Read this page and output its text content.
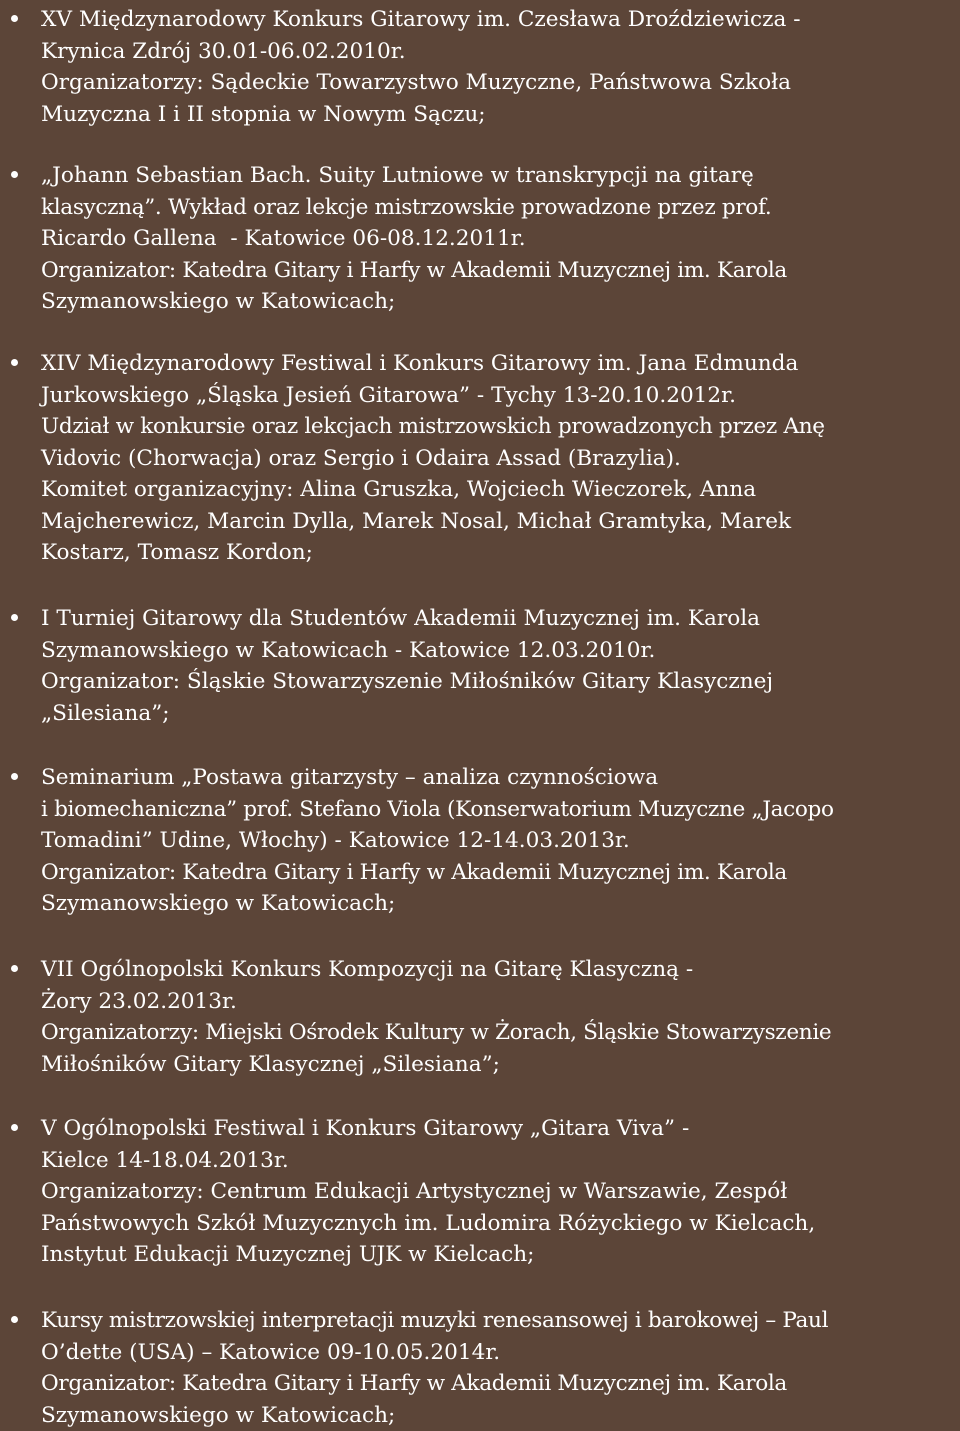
XV Międzynarodowy Konkurs Gitarowy im. Czesława Droździewicza -
Krynica Zdrój 30.01-06.02.2010r.
Organizatorzy: Sądeckie Towarzystwo Muzyczne, Państwowa Szkoła
Muzyczna I i II stopnia w Nowym Sączu;
„Johann Sebastian Bach. Suity Lutniowe w transkrypcji na gitarę
klasyczną”. Wykład oraz lekcje mistrzowskie prowadzone przez prof.
Ricardo Gallena  - Katowice 06-08.12.2011r.
Organizator: Katedra Gitary i Harfy w Akademii Muzycznej im. Karola
Szymanowskiego w Katowicach;
XIV Międzynarodowy Festiwal i Konkurs Gitarowy im. Jana Edmunda
Jurkowskiego „Śląska Jesień Gitarowa” - Tychy 13-20.10.2012r.
Udział w konkursie oraz lekcjach mistrzowskich prowadzonych przez Anę
Vidovic (Chorwacja) oraz Sergio i Odaira Assad (Brazylia).
Komitet organizacyjny: Alina Gruszka, Wojciech Wieczorek, Anna
Majcherewicz, Marcin Dylla, Marek Nosal, Michał Gramtyka, Marek
Kostarz, Tomasz Kordon;
I Turniej Gitarowy dla Studentów Akademii Muzycznej im. Karola
Szymanowskiego w Katowicach - Katowice 12.03.2010r.
Organizator: Śląskie Stowarzyszenie Miłośników Gitary Klasycznej
„Silesiana”;
Seminarium „Postawa gitarzysty – analiza czynnościowa
i biomechaniczna” prof. Stefano Viola (Konserwatorium Muzyczne „Jacopo
Tomadini” Udine, Włochy) - Katowice 12-14.03.2013r.
Organizator: Katedra Gitary i Harfy w Akademii Muzycznej im. Karola
Szymanowskiego w Katowicach;
VII Ogólnopolski Konkurs Kompozycji na Gitarę Klasyczną -
Żory 23.02.2013r.
Organizatorzy: Miejski Ośrodek Kultury w Żorach, Śląskie Stowarzyszenie
Miłośników Gitary Klasycznej „Silesiana”;
V Ogólnopolski Festiwal i Konkurs Gitarowy „Gitara Viva” -
Kielce 14-18.04.2013r.
Organizatorzy: Centrum Edukacji Artystycznej w Warszawie, Zespół
Państwowych Szkół Muzycznych im. Ludomira Różyckiego w Kielcach,
Instytut Edukacji Muzycznej UJK w Kielcach;
Kursy mistrzowskiej interpretacji muzyki renesansowej i barokowej – Paul
O’dette (USA) – Katowice 09-10.05.2014r.
Organizator: Katedra Gitary i Harfy w Akademii Muzycznej im. Karola
Szymanowskiego w Katowicach;
